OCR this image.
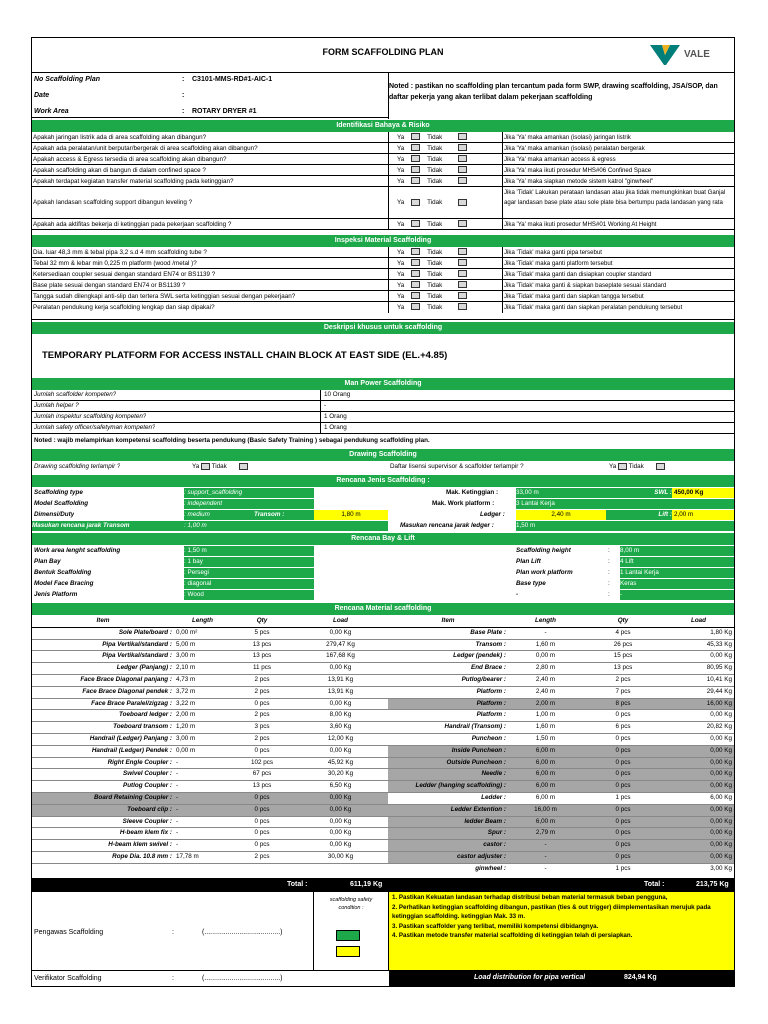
FORM SCAFFOLDING PLAN	VALE
No Scaffolding Plan	: C3101-MMS-RD#1-AIC-1
Date	:
Work Area	: ROTARY DRYER #1
Noted : pastikan no scaffolding plan tercantum pada form SWP, drawing scaffolding, JSA/SOP, dan daftar pekerja yang akan terlibat dalam pekerjaan scaffolding
Identifikasi Bahaya & Risiko
Apakah jaringan listrik ada di area scaffolding akan dibangun?	Ya	Tidak	Jika 'Ya' maka amankan (isolasi) jaringan listrik
Apakah ada peralatan/unit berputar/bergerak di area scaffolding akan dibangun?	Ya	Tidak	Jika 'Ya' maka amankan (isolasi) peralatan bergerak
Apakah access & Egress tersedia di area scaffolding akan dibangun?	Ya	Tidak	Jika 'Ya' maka amankan access & egress
Apakah scaffolding akan di bangun di dalam confined space ?	Ya	Tidak	Jika 'Ya' maka ikuti prosedur MHS#06 Confined Space
Apakah terdapat kegiatan transfer material scaffolding pada ketinggian?	Ya	Tidak	Jika 'Ya' maka siapkan metode sistem katrol "ginwheel"
Apakah landasan scaffolding support dibangun leveling ?	Ya	Tidak
Jika 'Tidak' Lakukan perataan landasan atau jika tidak memungkinkan buat Ganjal agar landasan base plate atau sole plate bisa bertumpu pada landasan yang rata
Apakah ada aktifitas bekerja di ketinggian pada pekerjaan scaffolding ?	Ya	Tidak	Jika 'Ya' maka ikuti prosedur MHS#01 Working At Height
Inspeksi Material Scaffolding
Dia. luar 48,3 mm & tebal pipa 3,2 s.d 4 mm scaffolding tube ?	Ya	Tidak	Jika 'Tidak' maka ganti pipa tersebut
Tebal 32 mm & lebar min 0,225 m platform (wood /metal )?	Ya	Tidak	Jika 'Tidak' maka ganti platform tersebut
Ketersediaan coupler sesuai dengan standard EN74 or BS1139 ?	Ya	Tidak	Jika 'Tidak' maka ganti dan disiapkan coupler standard
Base plate sesuai dengan standard EN74 or BS1139 ?	Ya	Tidak	Jika 'Tidak' maka ganti & siapkan baseplate sesuai standard
Tangga sudah dilengkapi anti-slip dan tertera SWL serta ketinggian sesuai dengan pekerjaan?	Ya	Tidak	Jika 'Tidak' maka ganti dan siapkan tangga tersebut
Peralatan pendukung kerja scaffolding lengkap dan siap dipakai?	Ya	Tidak	Jika 'Tidak' maka ganti dan siapkan peralatan pendukung tersebut
Deskripsi khusus untuk scaffolding
TEMPORARY PLATFORM FOR ACCESS INSTALL CHAIN BLOCK AT EAST SIDE (EL.+4.85)
Man Power Scaffolding
Jumlah scaffolder kompeten?	10 Orang
Jumlah helper ?	-
Jumlah inspektur scaffolding kompeten?	1 Orang
Jumlah safety officer/safetyman kompeten?	1 Orang
Noted : wajib melampirkan kompetensi scaffolding beserta pendukung (Basic Safety Training ) sebagai pendukung scaffolding plan.
Drawing Scaffolding
Drawing scaffolding terlampir ?	Ya Tidak	Daftar lisensi supervisor & scaffolder terlampir ?	Ya Tidak
Rencana Jenis Scaffolding :
Scaffolding type	: support_scaffolding
Model Scaffolding	: independent
Dimensi/Duty	: medium	Transom :	1,80 m
Masukan rencana jarak Transom	: 1,00 m
Mak. Ketinggian :	33,00 m	SWL : 450,00 Kg
Mak. Work platform :	3 Lantai Kerja
Ledger :	2,40 m	Lift : 2,00 m
Masukan rencana jarak ledger :	1,50 m
Rencana Bay & Lift
Work area lenght scaffolding	: 1,50 m
Plan Bay	: 1 bay
Bentuk Scaffolding	: Persegi
Model Face Bracing	: diagonal
Jenis Platform	: Wood
Scaffolding height	: 8,00 m
Plan Lift	: 4 Lift
Plan work platform	: 1 Lantai Kerja
Base type	: Keras
-	: -
Rencana Material scaffolding
Item	Length	Qty	Load	Item	Length	Qty	Load
Sole Plate/board :	0,00 m²	5 pcs	0,00 Kg	Base Plate :	-	4 pcs	1,80 Kg
Pipa Vertikal/standard :	5,00 m	13 pcs	279,47 Kg	Transom :	1,60 m	26 pcs	45,33 Kg
Pipa Vertikal/standard :	3,00 m	13 pcs	167,68 Kg	Ledger (pendek) :	0,00 m	15 pcs	0,00 Kg
Ledger (Panjang) :	2,10 m	11 pcs	0,00 Kg	End Brace :	2,80 m	13 pcs	80,95 Kg
Face Brace Diagonal panjang :	4,73 m	2 pcs	13,91 Kg	Putlog/bearer :	2,40 m	2 pcs	10,41 Kg
Face Brace Diagonal pendek :	3,72 m	2 pcs	13,91 Kg	Platform :	2,40 m	7 pcs	29,44 Kg
Face Brace Paralel/zigzag :	3,22 m	0 pcs	0,00 Kg	Platform :	2,00 m	8 pcs	16,00 Kg
Toeboard ledger :	2,00 m	2 pcs	8,00 Kg	Platform :	1,00 m	0 pcs	0,00 Kg
Toeboard transom :	1,20 m	3 pcs	3,60 Kg	Handrail (Transom) :	1,60 m	6 pcs	20,82 Kg
Handrail (Ledger) Panjang :	3,00 m	2 pcs	12,00 Kg	Puncheon :	1,50 m	0 pcs	0,00 Kg
Handrail (Ledger) Pendek :	0,00 m	0 pcs	0,00 Kg	Inside Puncheon :	6,00 m	0 pcs	0,00 Kg
Right Engle Coupler :	-	102 pcs	45,92 Kg	Outside Puncheon :	6,00 m	0 pcs	0,00 Kg
Swivel Coupler :	-	67 pcs	30,20 Kg	Needle :	6,00 m	0 pcs	0,00 Kg
Putlog Coupler :	-	13 pcs	6,50 Kg	Ledder (hanging scaffolding) :	6,00 m	0 pcs	0,00 Kg
Board Retaining Coupler :	-	0 pcs	0,00 Kg	Ledder :	6,00 m	1 pcs	6,00 Kg
Toeboard clip :	-	0 pcs	0,00 Kg	Ledder Extention :	16,00 m	0 pcs	0,00 Kg
Sleeve Coupler :	-	0 pcs	0,00 Kg	ledder Beam :	6,00 m	0 pcs	0,00 Kg
H-beam klem fix :	-	0 pcs	0,00 Kg	Spur :	2,79 m	0 pcs	0,00 Kg
H-beam klem swivel :	-	0 pcs	0,00 Kg	castor :	-	0 pcs	0,00 Kg
Rope Dia. 10.8 mm :	17,78 m	2 pcs	30,00 Kg	castor adjuster :	-	0 pcs	0,00 Kg
				ginwheel :	-	1 pcs	3,00 Kg
Total :	611,19 Kg	Total :	213,75 Kg
Pengawas Scaffolding	:	(.......................................)
Verifikator Scaffolding	:	(.......................................)
scaffolding safety condition :
1. Pastikan Kekuatan landasan terhadap distribusi beban material termasuk beban pengguna,
2. Perhatikan ketinggian scaffolding dibangun, pastikan (ties & out trigger) diimplementasikan merujuk pada ketinggian scaffolding. ketinggian Mak. 33 m.
3. Pastikan scaffolder yang terlibat, memiliki kompetensi dibidangnya.
4. Pastikan metode transfer material scaffolding di ketinggian telah di persiapkan.
Load distribution for pipa vertical	824,94 Kg
